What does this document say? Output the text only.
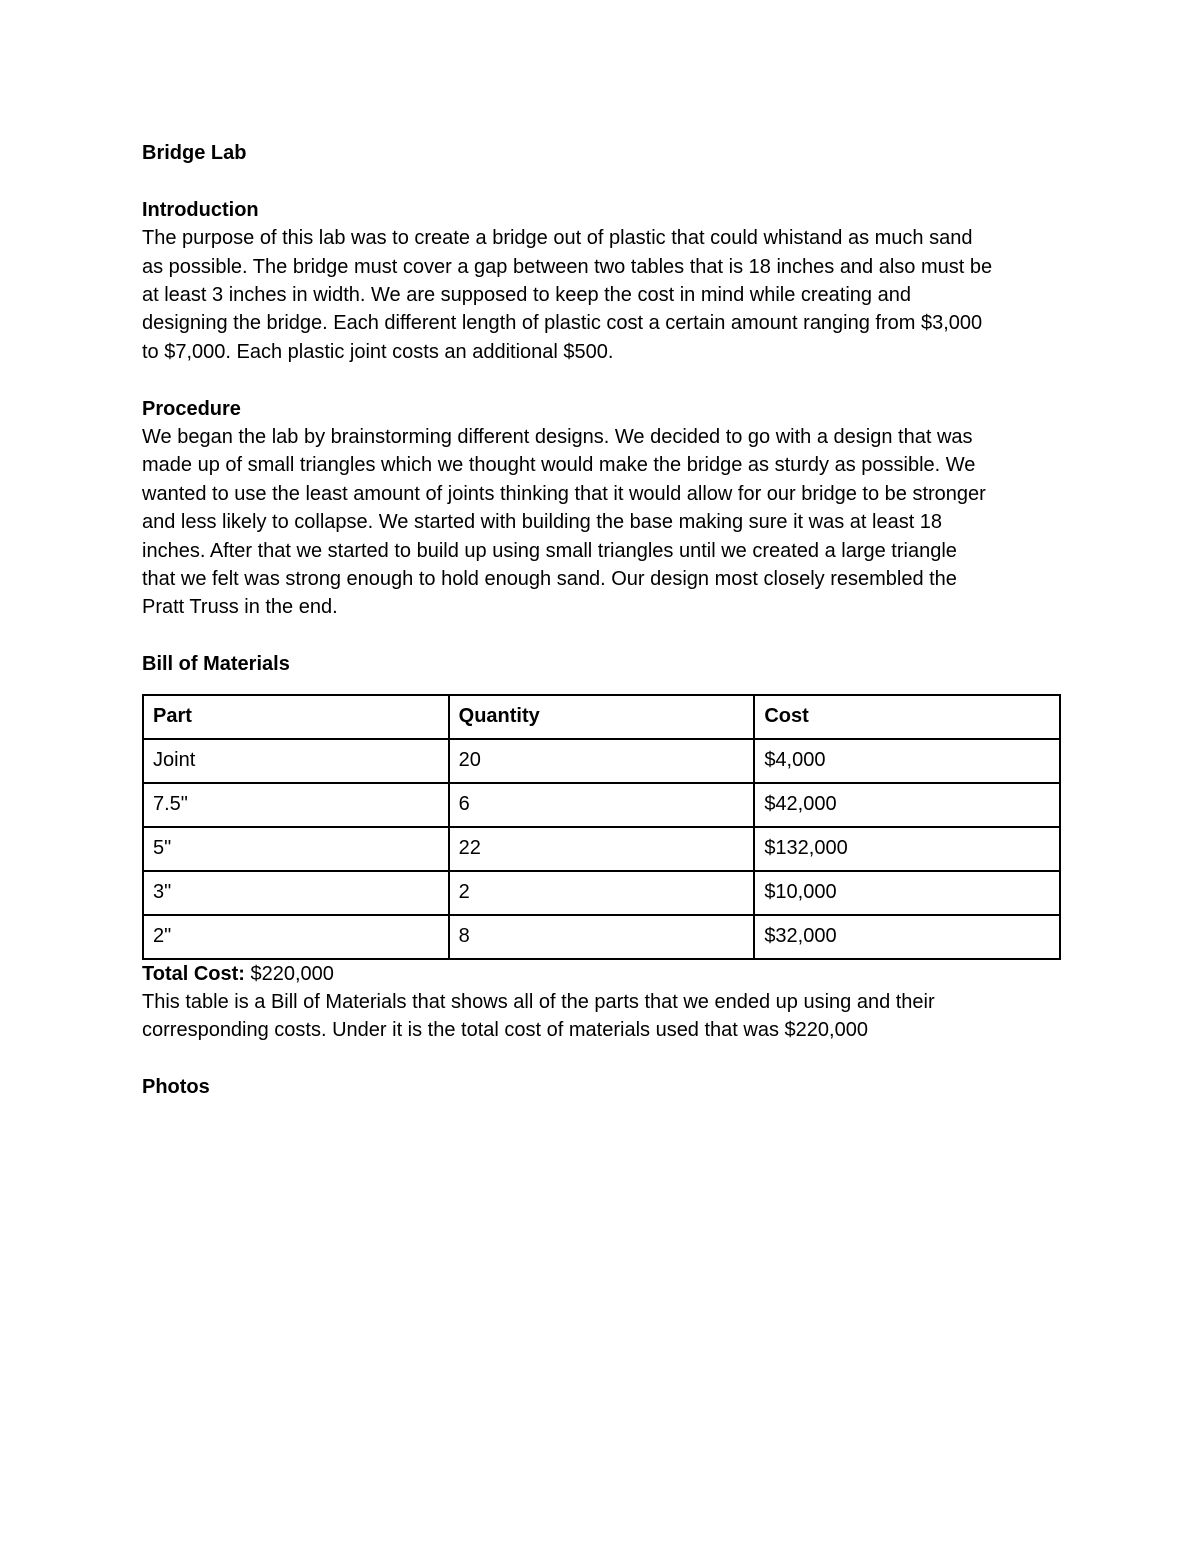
Bridge Lab

Introduction

The purpose of this lab was to create a bridge out of plastic that could whistand as much sand
as possible. The bridge must cover a gap between two tables that is 18 inches and also must be
at least 3 inches in width. We are supposed to keep the cost in mind while creating and
designing the bridge. Each different length of plastic cost a certain amount ranging from $3,000
to $7,000. Each plastic joint costs an additional $500.

Procedure

We began the lab by brainstorming different designs. We decided to go with a design that was
made up of small triangles which we thought would make the bridge as sturdy as possible. We
wanted to use the least amount of joints thinking that it would allow for our bridge to be stronger
and less likely to collapse. We started with building the base making sure it was at least 18
inches. After that we started to build up using small triangles until we created a large triangle
that we felt was strong enough to hold enough sand. Our design most closely resembled the
Pratt Truss in the end.

Bill of Materials

Part	Quantity	Cost
Joint	20	$4,000
7.5"	6	$42,000
5"	22	$132,000
3"	2	$10,000
2"	8	$32,000
Total Cost: $220,000
This table is a Bill of Materials that shows all of the parts that we ended up using and their
corresponding costs. Under it is the total cost of materials used that was $220,000

Photos
